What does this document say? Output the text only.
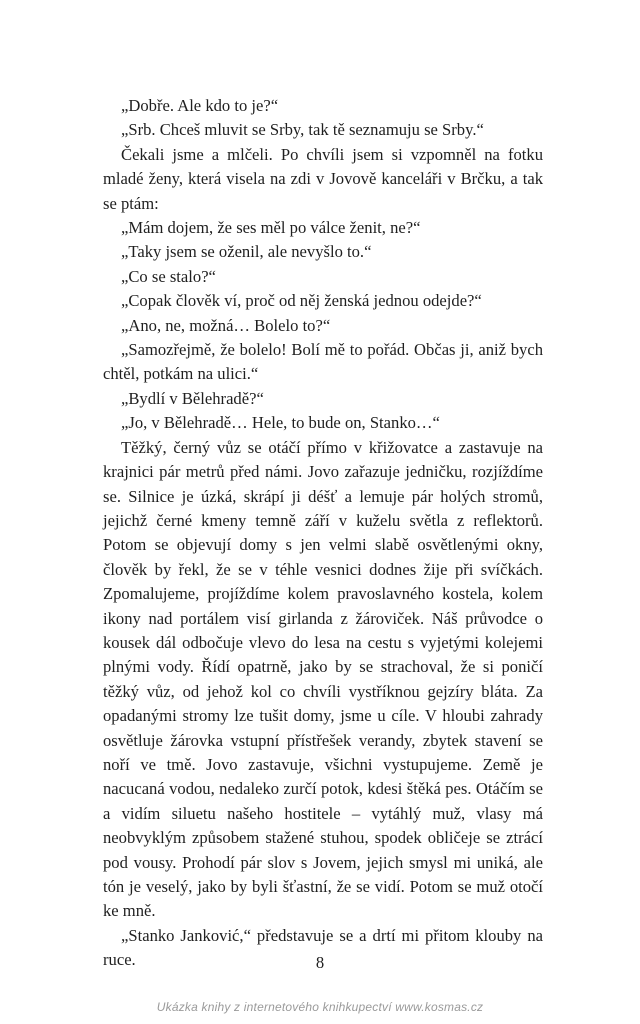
„Dobře. Ale kdo to je?“

„Srb. Chceš mluvit se Srby, tak tě seznamuju se Srby.“

Čekali jsme a mlčeli. Po chvíli jsem si vzpomněl na fotku mladé ženy, která visela na zdi v Jovově kanceláři v Brčku, a tak se ptám:

„Mám dojem, že ses měl po válce ženit, ne?“

„Taky jsem se oženil, ale nevyšlo to.“

„Co se stalo?“

„Copak člověk ví, proč od něj ženská jednou odejde?“

„Ano, ne, možná… Bolelo to?“

„Samozřejmě, že bolelo! Bolí mě to pořád. Občas ji, aniž bych chtěl, potkám na ulici.“

„Bydlí v Bělehradě?“

„Jo, v Bělehradě… Hele, to bude on, Stanko…“

Těžký, černý vůz se otáčí přímo v křižovatce a zastavuje na krajnici pár metrů před námi. Jovo zařazuje jedničku, rozjíždíme se. Silnice je úzká, skrápí ji déšť a lemuje pár holých stromů, jejichž černé kmeny temně září v kuželu světla z reflektorů. Potom se objevují domy s jen velmi slabě osvětlenými okny, člověk by řekl, že se v téhle vesnici dodnes žije při svíčkách. Zpomalujeme, projíždíme kolem pravoslavného kostela, kolem ikony nad portálem visí girlanda z žároviček. Náš průvodce o kousek dál odbočuje vlevo do lesa na cestu s vyjetými kolejemi plnými vody. Řídí opatrně, jako by se strachoval, že si poničí těžký vůz, od jehož kol co chvíli vystříknou gejzíry bláta. Za opadanými stromy lze tušit domy, jsme u cíle. V hloubi zahrady osvětluje žárovka vstupní přístřešek verandy, zbytek stavení se noří ve tmě. Jovo zastavuje, všichni vystupujeme. Země je nacucaná vodou, nedaleko zurčí potok, kdesi štěká pes. Otáčím se a vidím siluetu našeho hostitele – vytáhlý muž, vlasy má neobvyklým způsobem stažené stuhou, spodek obličeje se ztrácí pod vousy. Prohodí pár slov s Jovem, jejich smysl mi uniká, ale tón je veselý, jako by byli šťastní, že se vidí. Potom se muž otočí ke mně.

„Stanko Janković,“ představuje se a drtí mi přitom klouby na ruce.	8
Ukázka knihy z internetového knihkupectví www.kosmas.cz
